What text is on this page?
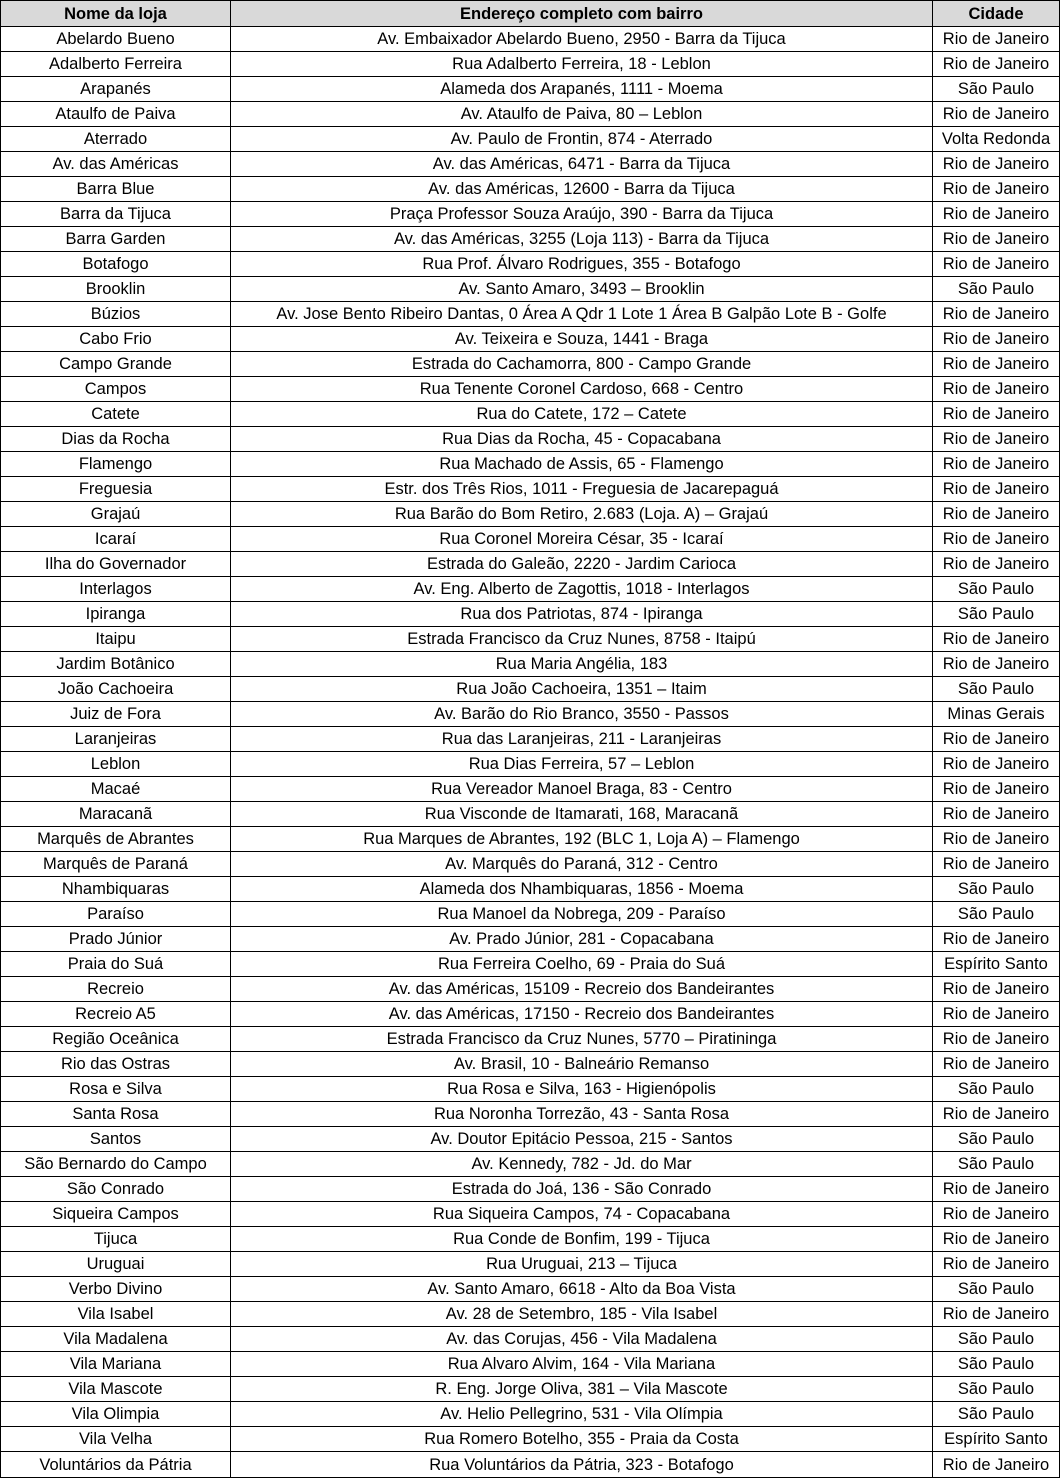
Nome da loja	Endereço completo com bairro	Cidade
Abelardo Bueno	Av. Embaixador Abelardo Bueno, 2950 - Barra da Tijuca	Rio de Janeiro
Adalberto Ferreira	Rua Adalberto Ferreira, 18 - Leblon	Rio de Janeiro
Arapanés	Alameda dos Arapanés, 1111 - Moema	São Paulo
Ataulfo de Paiva	Av. Ataulfo de Paiva, 80 – Leblon	Rio de Janeiro
Aterrado	Av. Paulo de Frontin, 874 - Aterrado	Volta Redonda
Av. das Américas	Av. das Américas, 6471 - Barra da Tijuca	Rio de Janeiro
Barra Blue	Av. das Américas, 12600 - Barra da Tijuca	Rio de Janeiro
Barra da Tijuca	Praça Professor Souza Araújo, 390 - Barra da Tijuca	Rio de Janeiro
Barra Garden	Av. das Américas, 3255 (Loja 113) - Barra da Tijuca	Rio de Janeiro
Botafogo	Rua Prof. Álvaro Rodrigues, 355 - Botafogo	Rio de Janeiro
Brooklin	Av. Santo Amaro, 3493 – Brooklin	São Paulo
Búzios	Av. Jose Bento Ribeiro Dantas, 0 Área A Qdr 1 Lote 1 Área B Galpão Lote B - Golfe	Rio de Janeiro
Cabo Frio	Av. Teixeira e Souza, 1441 - Braga	Rio de Janeiro
Campo Grande	Estrada do Cachamorra, 800 - Campo Grande	Rio de Janeiro
Campos	Rua Tenente Coronel Cardoso, 668 - Centro	Rio de Janeiro
Catete	Rua do Catete, 172 – Catete	Rio de Janeiro
Dias da Rocha	Rua Dias da Rocha, 45 - Copacabana	Rio de Janeiro
Flamengo	Rua Machado de Assis, 65 - Flamengo	Rio de Janeiro
Freguesia	Estr. dos Três Rios, 1011 - Freguesia de Jacarepaguá	Rio de Janeiro
Grajaú	Rua Barão do Bom Retiro, 2.683 (Loja. A) – Grajaú	Rio de Janeiro
Icaraí	Rua Coronel Moreira César, 35 - Icaraí	Rio de Janeiro
Ilha do Governador	Estrada do Galeão, 2220 - Jardim Carioca	Rio de Janeiro
Interlagos	Av. Eng. Alberto de Zagottis, 1018 - Interlagos	São Paulo
Ipiranga	Rua dos Patriotas, 874 - Ipiranga	São Paulo
Itaipu	Estrada Francisco da Cruz Nunes, 8758 - Itaipú	Rio de Janeiro
Jardim Botânico	Rua Maria Angélia, 183	Rio de Janeiro
João Cachoeira	Rua João Cachoeira, 1351 – Itaim	São Paulo
Juiz de Fora	Av. Barão do Rio Branco, 3550 - Passos	Minas Gerais
Laranjeiras	Rua das Laranjeiras, 211 - Laranjeiras	Rio de Janeiro
Leblon	Rua Dias Ferreira, 57 – Leblon	Rio de Janeiro
Macaé	Rua Vereador Manoel Braga, 83 - Centro	Rio de Janeiro
Maracanã	Rua Visconde de Itamarati, 168, Maracanã	Rio de Janeiro
Marquês de Abrantes	Rua Marques de Abrantes, 192 (BLC 1, Loja A) – Flamengo	Rio de Janeiro
Marquês de Paraná	Av. Marquês do Paraná, 312 - Centro	Rio de Janeiro
Nhambiquaras	Alameda dos Nhambiquaras, 1856 - Moema	São Paulo
Paraíso	Rua Manoel da Nobrega, 209 - Paraíso	São Paulo
Prado Júnior	Av. Prado Júnior, 281 - Copacabana	Rio de Janeiro
Praia do Suá	Rua Ferreira Coelho, 69 - Praia do Suá	Espírito Santo
Recreio	Av. das Américas, 15109 - Recreio dos Bandeirantes	Rio de Janeiro
Recreio A5	Av. das Américas, 17150 - Recreio dos Bandeirantes	Rio de Janeiro
Região Oceânica	Estrada Francisco da Cruz Nunes, 5770 – Piratininga	Rio de Janeiro
Rio das Ostras	Av. Brasil, 10 - Balneário Remanso	Rio de Janeiro
Rosa e Silva	Rua Rosa e Silva, 163 - Higienópolis	São Paulo
Santa Rosa	Rua Noronha Torrezão, 43 - Santa Rosa	Rio de Janeiro
Santos	Av. Doutor Epitácio Pessoa, 215 - Santos	São Paulo
São Bernardo do Campo	Av. Kennedy, 782 - Jd. do Mar	São Paulo
São Conrado	Estrada do Joá, 136 - São Conrado	Rio de Janeiro
Siqueira Campos	Rua Siqueira Campos, 74 - Copacabana	Rio de Janeiro
Tijuca	Rua Conde de Bonfim, 199 - Tijuca	Rio de Janeiro
Uruguai	Rua Uruguai, 213 – Tijuca	Rio de Janeiro
Verbo Divino	Av. Santo Amaro, 6618 - Alto da Boa Vista	São Paulo
Vila Isabel	Av. 28 de Setembro, 185 - Vila Isabel	Rio de Janeiro
Vila Madalena	Av. das Corujas, 456 - Vila Madalena	São Paulo
Vila Mariana	Rua Alvaro Alvim, 164 - Vila Mariana	São Paulo
Vila Mascote	R. Eng. Jorge Oliva, 381 – Vila Mascote	São Paulo
Vila Olimpia	Av. Helio Pellegrino, 531 - Vila Olímpia	São Paulo
Vila Velha	Rua Romero Botelho, 355 - Praia da Costa	Espírito Santo
Voluntários da Pátria	Rua Voluntários da Pátria, 323 - Botafogo	Rio de Janeiro
